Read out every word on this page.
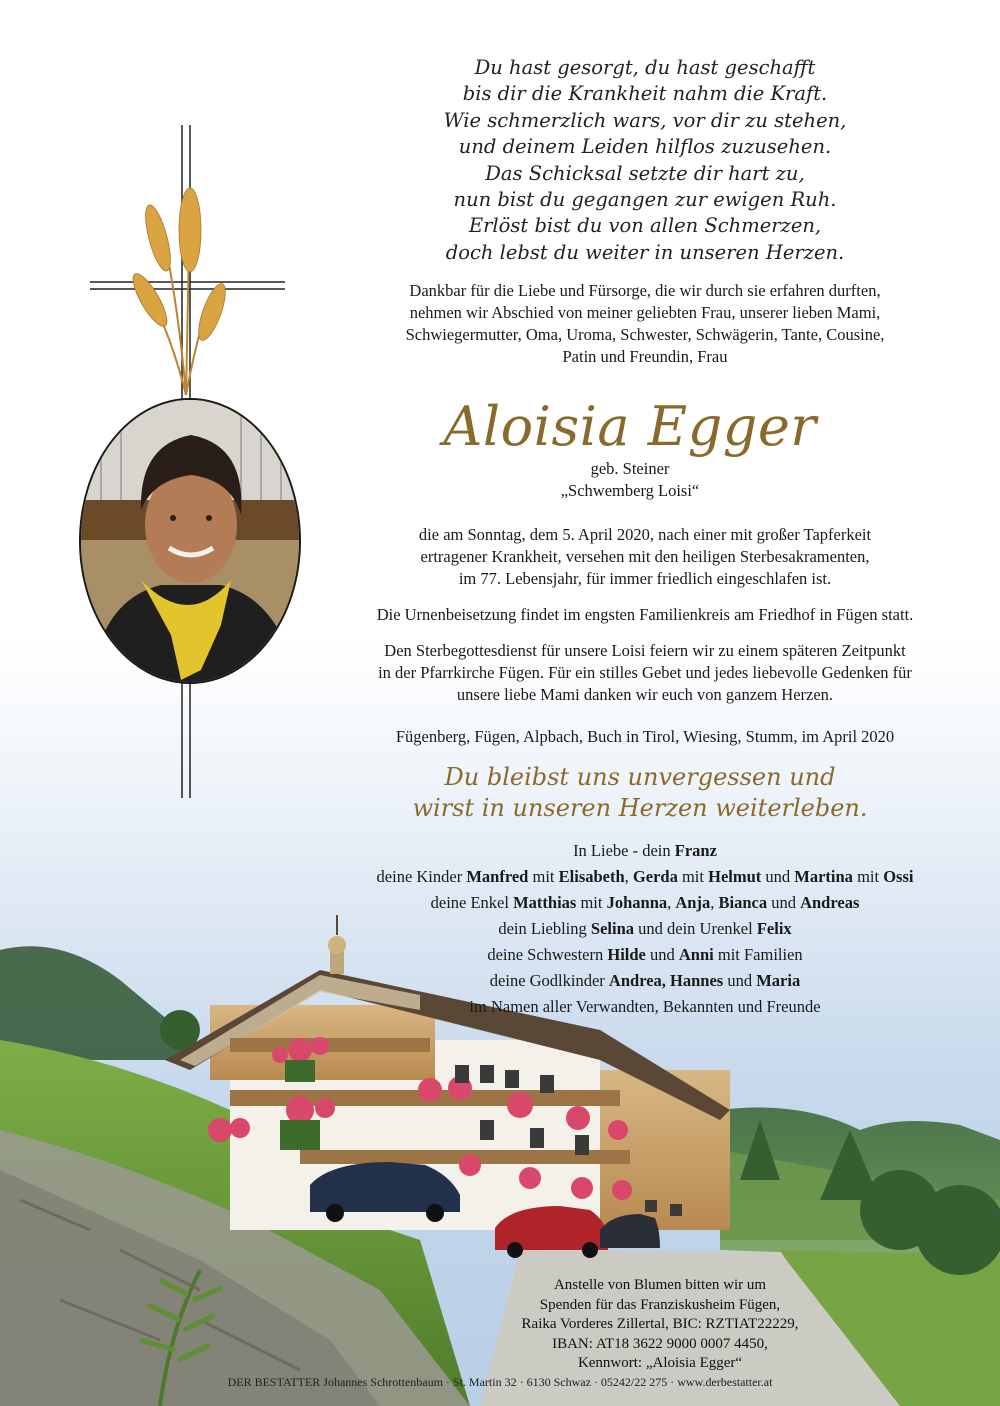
Du hast gesorgt, du hast geschafft
bis dir die Krankheit nahm die Kraft.
Wie schmerzlich wars, vor dir zu stehen,
und deinem Leiden hilflos zuzusehen.
Das Schicksal setzte dir hart zu,
nun bist du gegangen zur ewigen Ruh.
Erlöst bist du von allen Schmerzen,
doch lebst du weiter in unseren Herzen.
Dankbar für die Liebe und Fürsorge, die wir durch sie erfahren durften,
nehmen wir Abschied von meiner geliebten Frau, unserer lieben Mami,
Schwiegermutter, Oma, Uroma, Schwester, Schwägerin, Tante, Cousine,
Patin und Freundin, Frau
Aloisia Egger
geb. Steiner
„Schwemberg Loisi“
die am Sonntag, dem 5. April 2020, nach einer mit großer Tapferkeit
ertragener Krankheit, versehen mit den heiligen Sterbesakramenten,
im 77. Lebensjahr, für immer friedlich eingeschlafen ist.
Die Urnenbeisetzung findet im engsten Familienkreis am Friedhof in Fügen statt.
Den Sterbegottesdienst für unsere Loisi feiern wir zu einem späteren Zeitpunkt
in der Pfarrkirche Fügen. Für ein stilles Gebet und jedes liebevolle Gedenken für
unsere liebe Mami danken wir euch von ganzem Herzen.
Fügenberg, Fügen, Alpbach, Buch in Tirol, Wiesing, Stumm, im April 2020
Du bleibst uns unvergessen und
wirst in unseren Herzen weiterleben.
In Liebe - dein Franz
deine Kinder Manfred mit Elisabeth, Gerda mit Helmut und Martina mit Ossi
deine Enkel Matthias mit Johanna, Anja, Bianca und Andreas
dein Liebling Selina und dein Urenkel Felix
deine Schwestern Hilde und Anni mit Familien
deine Godlkinder Andrea, Hannes und Maria
im Namen aller Verwandten, Bekannten und Freunde
Anstelle von Blumen bitten wir um
Spenden für das Franziskusheim Fügen,
Raika Vorderes Zillertal, BIC: RZTIAT22229,
IBAN: AT18 3622 9000 0007 4450,
Kennwort: „Aloisia Egger“
DER BESTATTER Johannes Schrottenbaum · St. Martin 32 · 6130 Schwaz · 05242/22 275 · www.derbestatter.at
